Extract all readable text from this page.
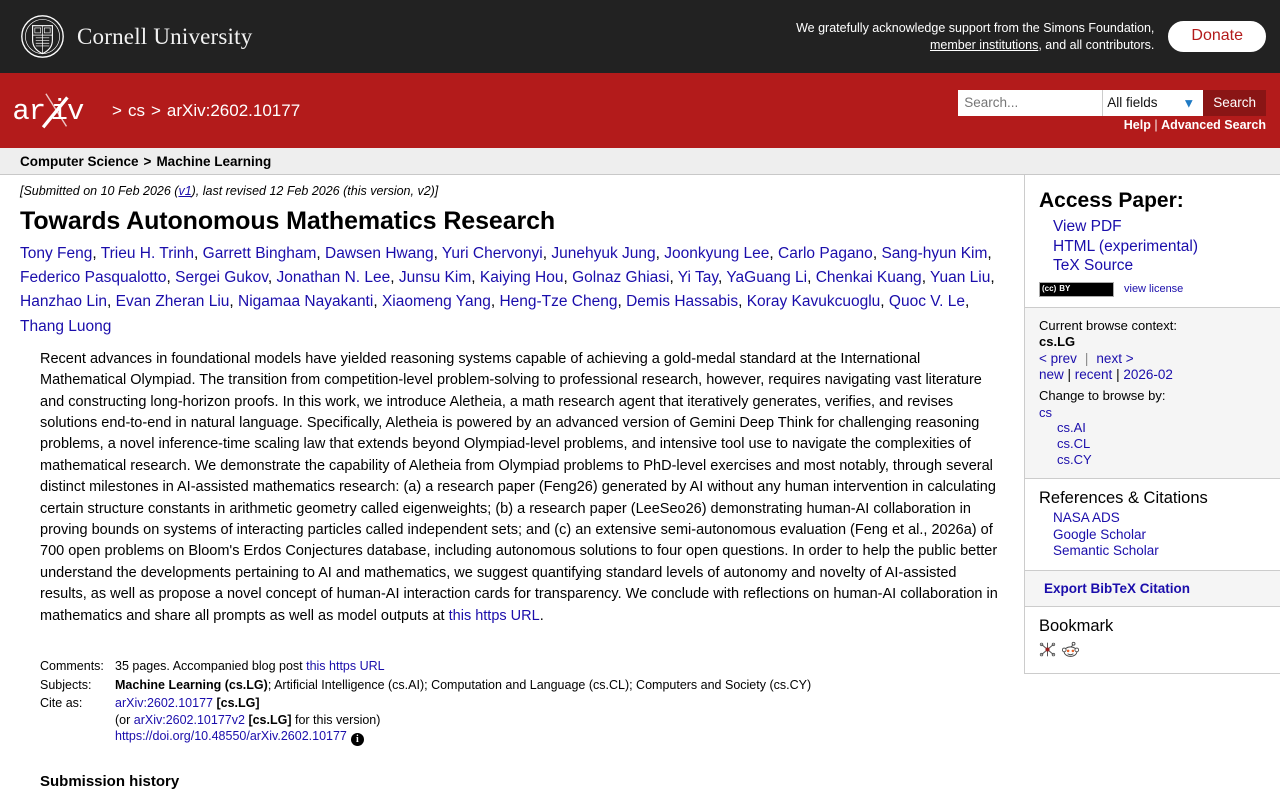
Cornell University	We gratefully acknowledge support from the Simons Foundation,
member institutions, and all contributors.
Donate
ar iv > cs > arXiv:2602.10177
Search...	All fields ▼	Search
Help | Advanced Search
Computer Science > Machine Learning
[Submitted on 10 Feb 2026 (v1), last revised 12 Feb 2026 (this version, v2)]
Towards Autonomous Mathematics Research
Tony Feng, Trieu H. Trinh, Garrett Bingham, Dawsen Hwang, Yuri Chervonyi, Junehyuk Jung, Joonkyung Lee, Carlo Pagano, Sang-hyun Kim, Federico Pasqualotto, Sergei Gukov, Jonathan N. Lee, Junsu Kim, Kaiying Hou, Golnaz Ghiasi, Yi Tay, YaGuang Li, Chenkai Kuang, Yuan Liu, Hanzhao Lin, Evan Zheran Liu, Nigamaa Nayakanti, Xiaomeng Yang, Heng-Tze Cheng, Demis Hassabis, Koray Kavukcuoglu, Quoc V. Le, Thang Luong
Recent advances in foundational models have yielded reasoning systems capable of achieving a gold-medal standard at the International Mathematical Olympiad. The transition from competition-level problem-solving to professional research, however, requires navigating vast literature and constructing long-horizon proofs. In this work, we introduce Aletheia, a math research agent that iteratively generates, verifies, and revises solutions end-to-end in natural language. Specifically, Aletheia is powered by an advanced version of Gemini Deep Think for challenging reasoning problems, a novel inference-time scaling law that extends beyond Olympiad-level problems, and intensive tool use to navigate the complexities of mathematical research. We demonstrate the capability of Aletheia from Olympiad problems to PhD-level exercises and most notably, through several distinct milestones in AI-assisted mathematics research: (a) a research paper (Feng26) generated by AI without any human intervention in calculating certain structure constants in arithmetic geometry called eigenweights; (b) a research paper (LeeSeo26) demonstrating human-AI collaboration in proving bounds on systems of interacting particles called independent sets; and (c) an extensive semi-autonomous evaluation (Feng et al., 2026a) of 700 open problems on Bloom's Erdos Conjectures database, including autonomous solutions to four open questions. In order to help the public better understand the developments pertaining to AI and mathematics, we suggest quantifying standard levels of autonomy and novelty of AI-assisted results, as well as propose a novel concept of human-AI interaction cards for transparency. We conclude with reflections on human-AI collaboration in mathematics and share all prompts as well as model outputs at this https URL.
Comments:	35 pages. Accompanied blog post this https URL
Subjects:	Machine Learning (cs.LG); Artificial Intelligence (cs.AI); Computation and Language (cs.CL); Computers and Society (cs.CY)
Cite as:	arXiv:2602.10177 [cs.LG]
(or arXiv:2602.10177v2 [cs.LG] for this version)
https://doi.org/10.48550/arXiv.2602.10177 i
Submission history
Access Paper:
View PDF
HTML (experimental)
TeX Source
(cc) BY	view license
Current browse context:
cs.LG
< prev | next >
new | recent | 2026-02
Change to browse by:
cs
cs.AI
cs.CL
cs.CY
References & Citations
NASA ADS
Google Scholar
Semantic Scholar
Export BibTeX Citation
Bookmark
